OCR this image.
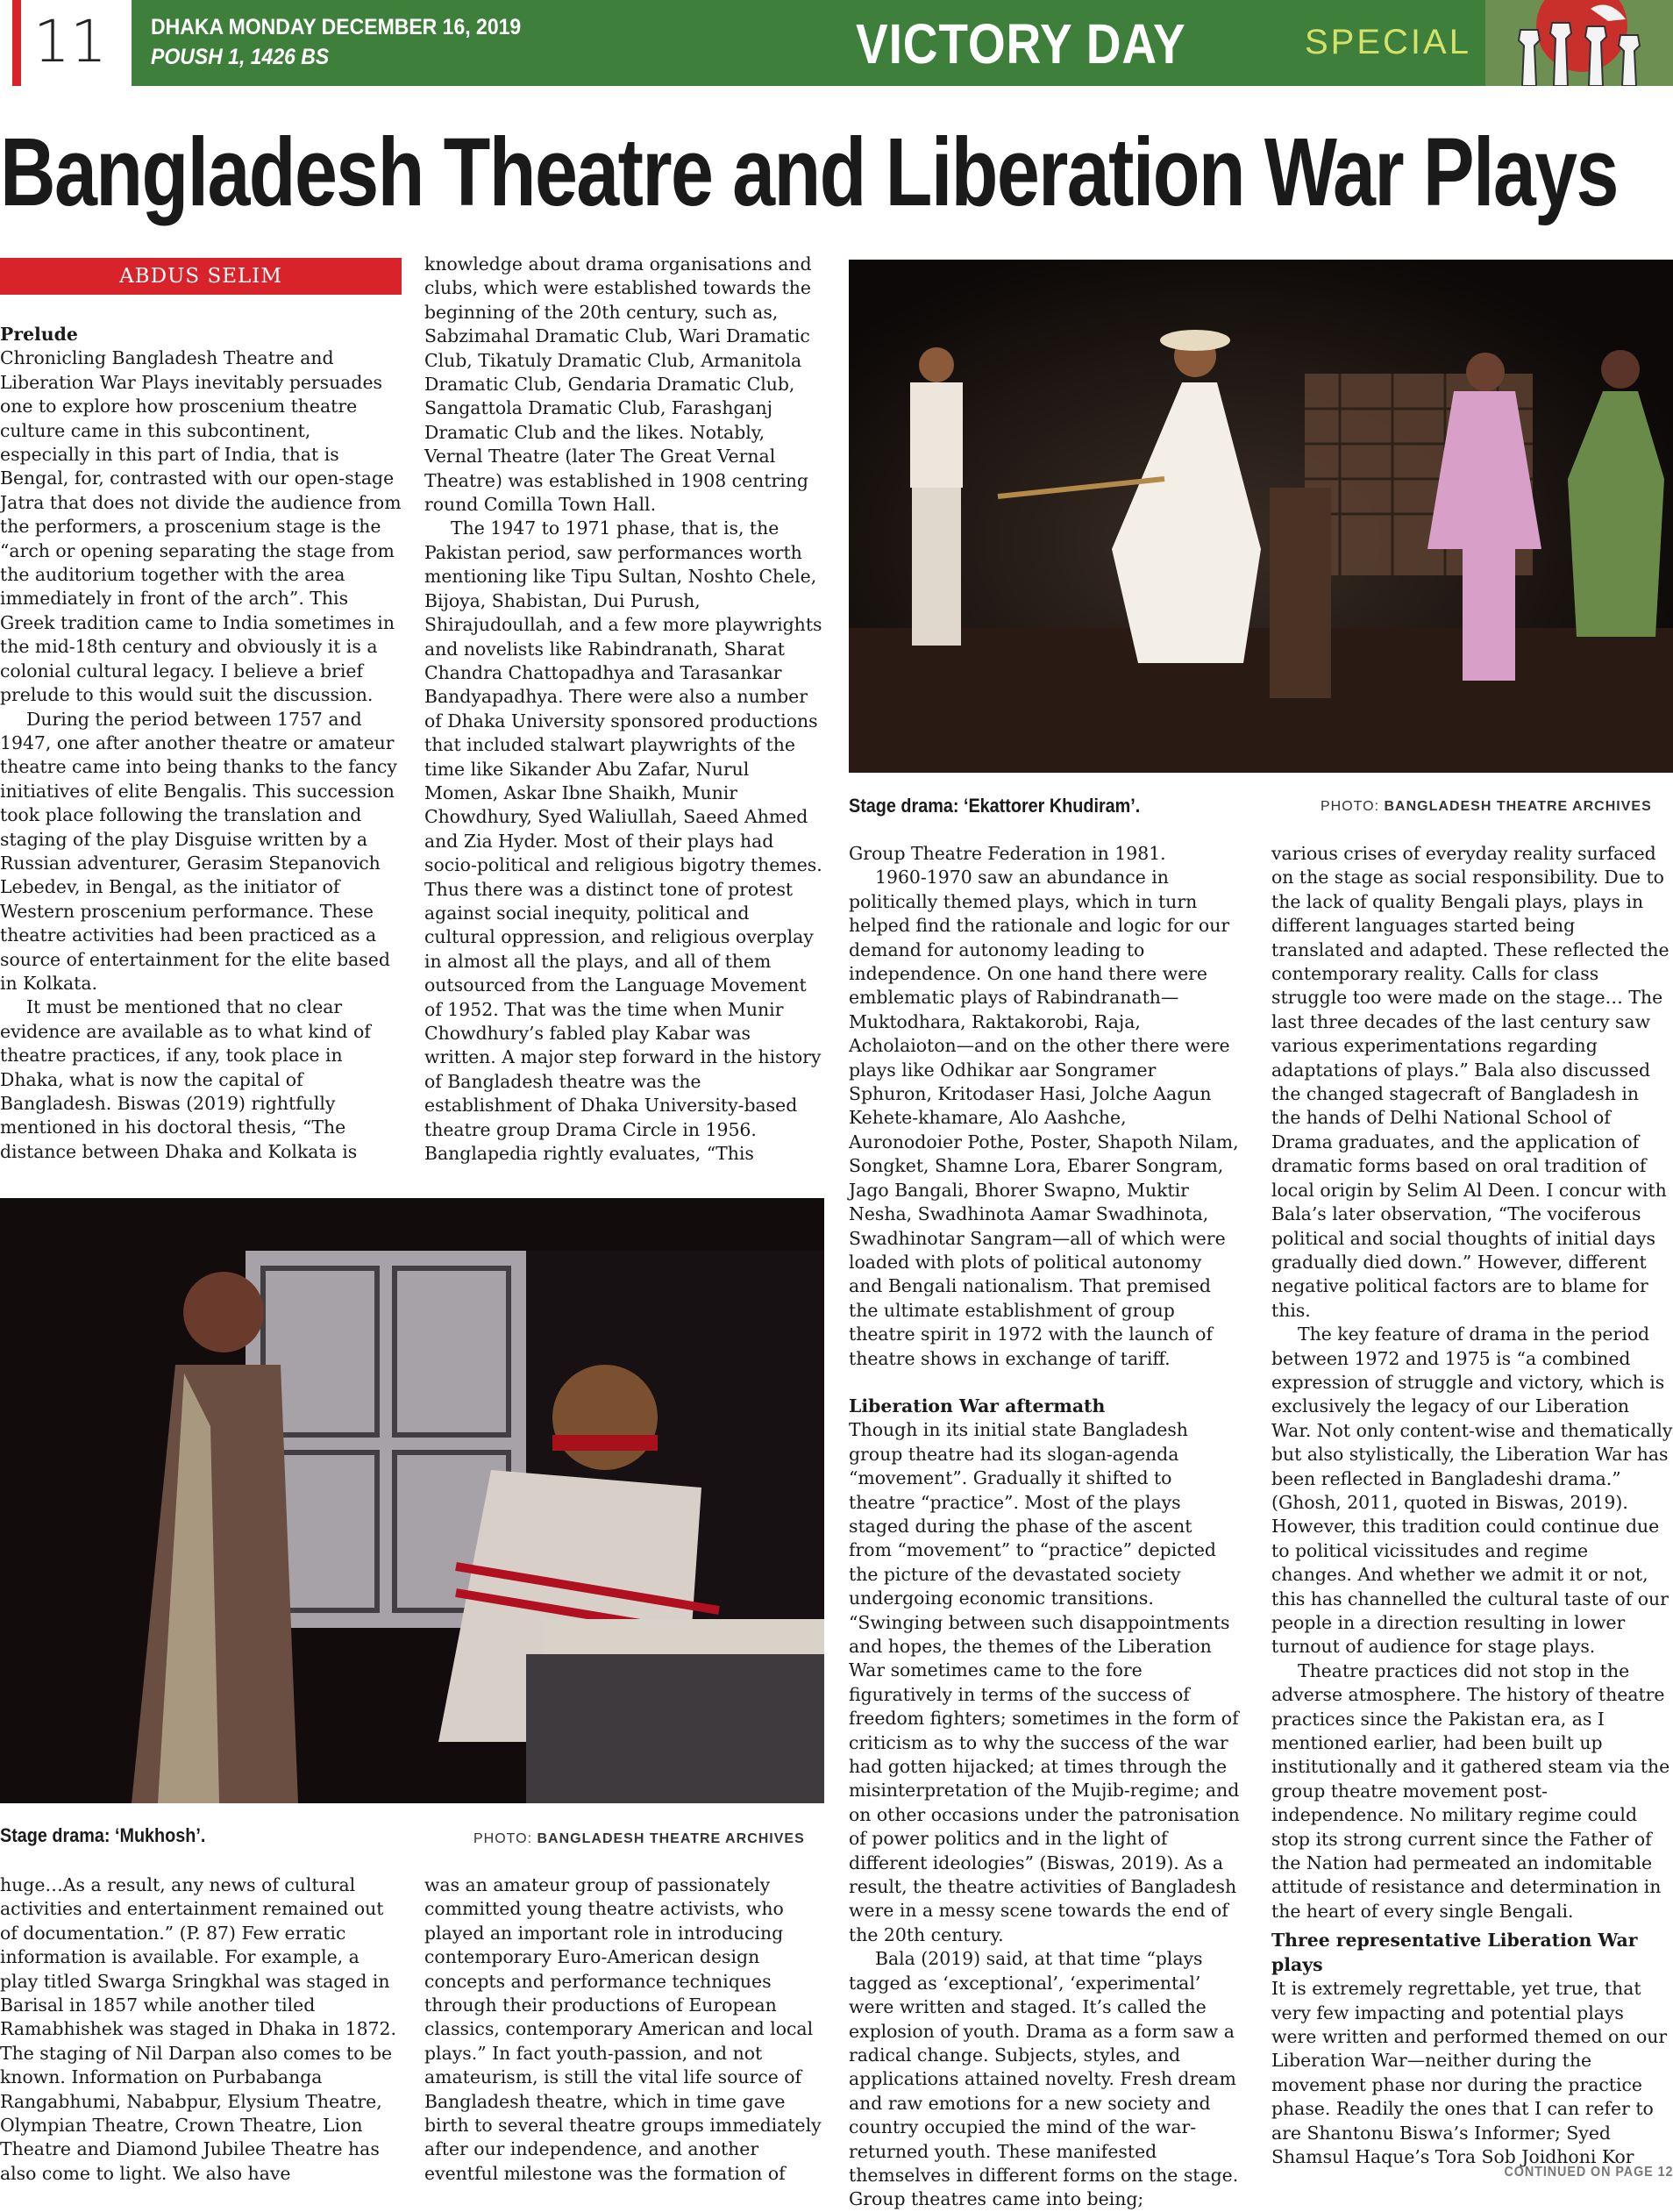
11 DHAKA MONDAY DECEMBER 16, 2019
POUSH 1, 1426 BS	VICTORY DAY	SPECIAL
Bangladesh Theatre and Liberation War Plays
ABDUS SELIM
Prelude

Chronicling Bangladesh Theatre and Liberation War Plays inevitably persuades one to explore how proscenium theatre culture came in this subcontinent, especially in this part of India, that is Bengal, for, contrasted with our open-stage Jatra that does not divide the audience from the performers, a proscenium stage is the “arch or opening separating the stage from the auditorium together with the area immediately in front of the arch”. This Greek tradition came to India sometimes in the mid-18th century and obviously it is a colonial cultural legacy. I believe a brief prelude to this would suit the discussion.

During the period between 1757 and 1947, one after another theatre or amateur theatre came into being thanks to the fancy initiatives of elite Bengalis. This succession took place following the translation and staging of the play Disguise written by a Russian adventurer, Gerasim Stepanovich Lebedev, in Bengal, as the initiator of Western proscenium performance. These theatre activities had been practiced as a source of entertainment for the elite based in Kolkata.

It must be mentioned that no clear evidence are available as to what kind of theatre practices, if any, took place in Dhaka, what is now the capital of Bangladesh. Biswas (2019) rightfully mentioned in his doctoral thesis, “The distance between Dhaka and Kolkata is

knowledge about drama organisations and clubs, which were established towards the beginning of the 20th century, such as, Sabzimahal Dramatic Club, Wari Dramatic Club, Tikatuly Dramatic Club, Armanitola Dramatic Club, Gendaria Dramatic Club, Sangattola Dramatic Club, Farashganj Dramatic Club and the likes. Notably, Vernal Theatre (later The Great Vernal Theatre) was established in 1908 centring round Comilla Town Hall.

The 1947 to 1971 phase, that is, the Pakistan period, saw performances worth mentioning like Tipu Sultan, Noshto Chele, Bijoya, Shabistan, Dui Purush, Shirajudoullah, and a few more playwrights and novelists like Rabindranath, Sharat Chandra Chattopadhya and Tarasankar Bandyapadhya. There were also a number of Dhaka University sponsored productions that included stalwart playwrights of the time like Sikander Abu Zafar, Nurul Momen, Askar Ibne Shaikh, Munir Chowdhury, Syed Waliullah, Saeed Ahmed and Zia Hyder. Most of their plays had socio-political and religious bigotry themes. Thus there was a distinct tone of protest against social inequity, political and cultural oppression, and religious overplay in almost all the plays, and all of them outsourced from the Language Movement of 1952. That was the time when Munir Chowdhury’s fabled play Kabar was written. A major step forward in the history of Bangladesh theatre was the establishment of Dhaka University-based theatre group Drama Circle in 1956. Banglapedia rightly evaluates, “This

Stage drama: ‘Ekattorer Khudiram’.	PHOTO: BANGLADESH THEATRE ARCHIVES
Stage drama: ‘Mukhosh’.	PHOTO: BANGLADESH THEATRE ARCHIVES

huge…As a result, any news of cultural activities and entertainment remained out of documentation.” (P. 87) Few erratic information is available. For example, a play titled Swarga Sringkhal was staged in Barisal in 1857 while another tiled Ramabhishek was staged in Dhaka in 1872. The staging of Nil Darpan also comes to be known. Information on Purbabanga Rangabhumi, Nababpur, Elysium Theatre, Olympian Theatre, Crown Theatre, Lion Theatre and Diamond Jubilee Theatre has also come to light. We also have

was an amateur group of passionately committed young theatre activists, who played an important role in introducing contemporary Euro-American design concepts and performance techniques through their productions of European classics, contemporary American and local plays.” In fact youth-passion, and not amateurism, is still the vital life source of Bangladesh theatre, which in time gave birth to several theatre groups immediately after our independence, and another eventful milestone was the formation of

Group Theatre Federation in 1981.

1960-1970 saw an abundance in politically themed plays, which in turn helped find the rationale and logic for our demand for autonomy leading to independence. On one hand there were emblematic plays of Rabindranath—Muktodhara, Raktakorobi, Raja, Acholaioton—and on the other there were plays like Odhikar aar Songramer Sphuron, Kritodaser Hasi, Jolche Aagun Kehete-khamare, Alo Aashche, Auronodoier Pothe, Poster, Shapoth Nilam, Songket, Shamne Lora, Ebarer Songram, Jago Bangali, Bhorer Swapno, Muktir Nesha, Swadhinota Aamar Swadhinota, Swadhinotar Sangram—all of which were loaded with plots of political autonomy and Bengali nationalism. That premised the ultimate establishment of group theatre spirit in 1972 with the launch of theatre shows in exchange of tariff.

Liberation War aftermath

Though in its initial state Bangladesh group theatre had its slogan-agenda “movement”. Gradually it shifted to theatre “practice”. Most of the plays staged during the phase of the ascent from “movement” to “practice” depicted the picture of the devastated society undergoing economic transitions. “Swinging between such disappointments and hopes, the themes of the Liberation War sometimes came to the fore figuratively in terms of the success of freedom fighters; sometimes in the form of criticism as to why the success of the war had gotten hijacked; at times through the misinterpretation of the Mujib-regime; and on other occasions under the patronisation of power politics and in the light of different ideologies” (Biswas, 2019). As a result, the theatre activities of Bangladesh were in a messy scene towards the end of the 20th century.

Bala (2019) said, at that time “plays tagged as ‘exceptional’, ‘experimental’ were written and staged. It’s called the explosion of youth. Drama as a form saw a radical change. Subjects, styles, and applications attained novelty. Fresh dream and raw emotions for a new society and country occupied the mind of the war-returned youth. These manifested themselves in different forms on the stage. Group theatres came into being;

various crises of everyday reality surfaced on the stage as social responsibility. Due to the lack of quality Bengali plays, plays in different languages started being translated and adapted. These reflected the contemporary reality. Calls for class struggle too were made on the stage… The last three decades of the last century saw various experimentations regarding adaptations of plays.” Bala also discussed the changed stagecraft of Bangladesh in the hands of Delhi National School of Drama graduates, and the application of dramatic forms based on oral tradition of local origin by Selim Al Deen. I concur with Bala’s later observation, “The vociferous political and social thoughts of initial days gradually died down.” However, different negative political factors are to blame for this.

The key feature of drama in the period between 1972 and 1975 is “a combined expression of struggle and victory, which is exclusively the legacy of our Liberation War. Not only content-wise and thematically but also stylistically, the Liberation War has been reflected in Bangladeshi drama.” (Ghosh, 2011, quoted in Biswas, 2019). However, this tradition could continue due to political vicissitudes and regime changes. And whether we admit it or not, this has channelled the cultural taste of our people in a direction resulting in lower turnout of audience for stage plays.

Theatre practices did not stop in the adverse atmosphere. The history of theatre practices since the Pakistan era, as I mentioned earlier, had been built up institutionally and it gathered steam via the group theatre movement post-independence. No military regime could stop its strong current since the Father of the Nation had permeated an indomitable attitude of resistance and determination in the heart of every single Bengali.

Three representative Liberation War plays

It is extremely regrettable, yet true, that very few impacting and potential plays were written and performed themed on our Liberation War—neither during the movement phase nor during the practice phase. Readily the ones that I can refer to are Shantonu Biswa’s Informer; Syed Shamsul Haque’s Tora Sob Joidhoni Kor

CONTINUED ON PAGE 12
